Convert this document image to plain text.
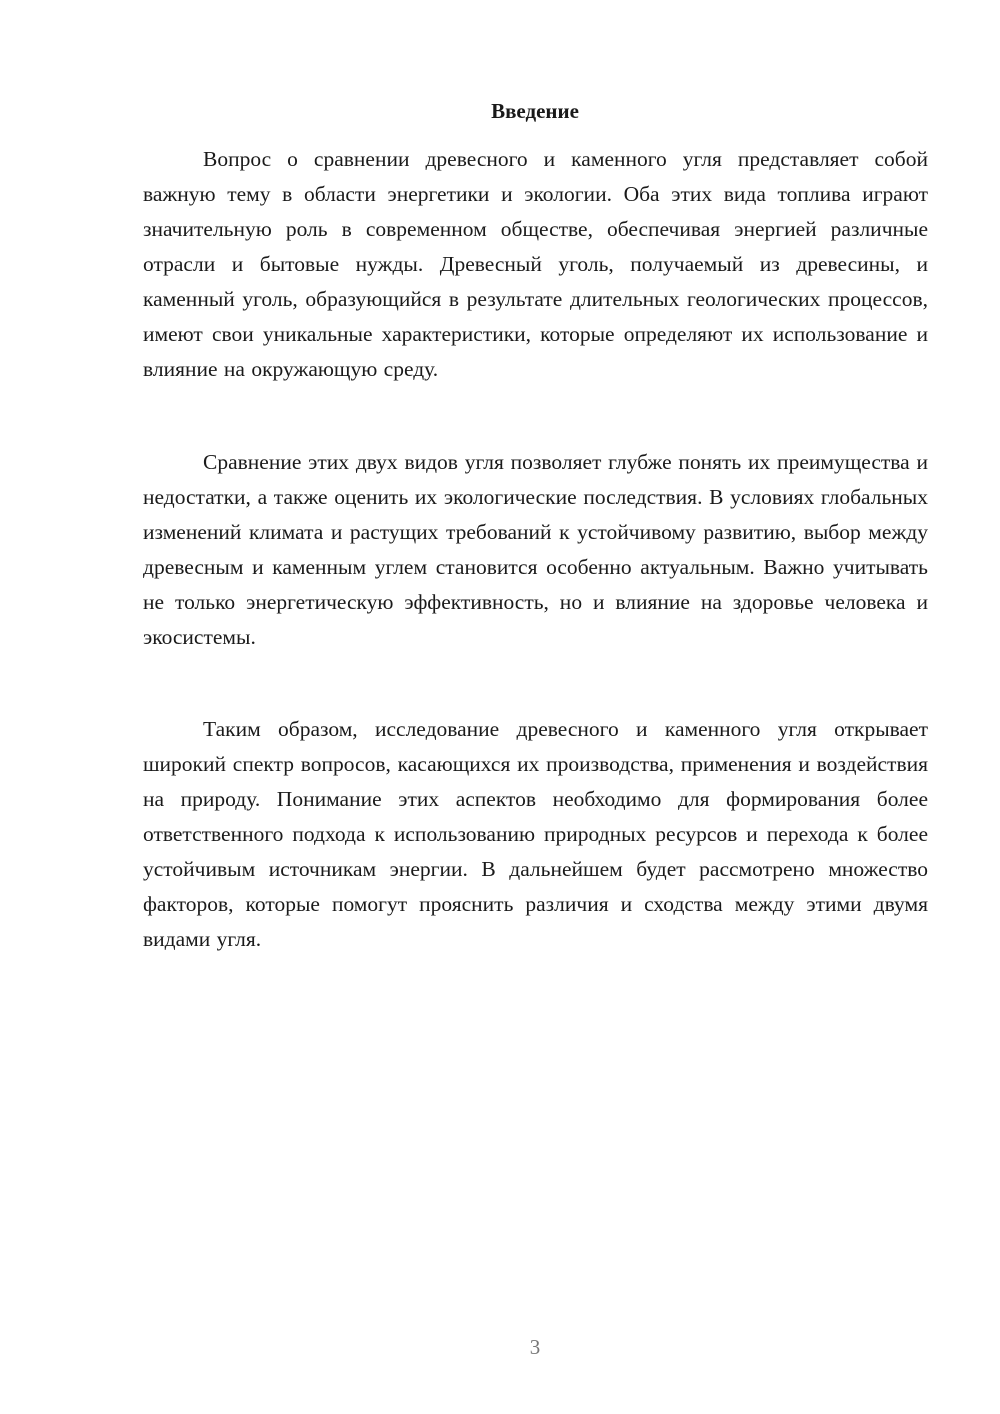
Введение

Вопрос о сравнении древесного и каменного угля представляет собой важную тему в области энергетики и экологии. Оба этих вида топлива играют значительную роль в современном обществе, обеспечивая энергией различные отрасли и бытовые нужды. Древесный уголь, получаемый из древесины, и каменный уголь, образующийся в результате длительных геологических процессов, имеют свои уникальные характеристики, которые определяют их использование и влияние на окружающую среду.

Сравнение этих двух видов угля позволяет глубже понять их преимущества и недостатки, а также оценить их экологические последствия. В условиях глобальных изменений климата и растущих требований к устойчивому развитию, выбор между древесным и каменным углем становится особенно актуальным. Важно учитывать не только энергетическую эффективность, но и влияние на здоровье человека и экосистемы.

Таким образом, исследование древесного и каменного угля открывает широкий спектр вопросов, касающихся их производства, применения и воздействия на природу. Понимание этих аспектов необходимо для формирования более ответственного подхода к использованию природных ресурсов и перехода к более устойчивым источникам энергии. В дальнейшем будет рассмотрено множество факторов, которые помогут прояснить различия и сходства между этими двумя видами угля.

3
